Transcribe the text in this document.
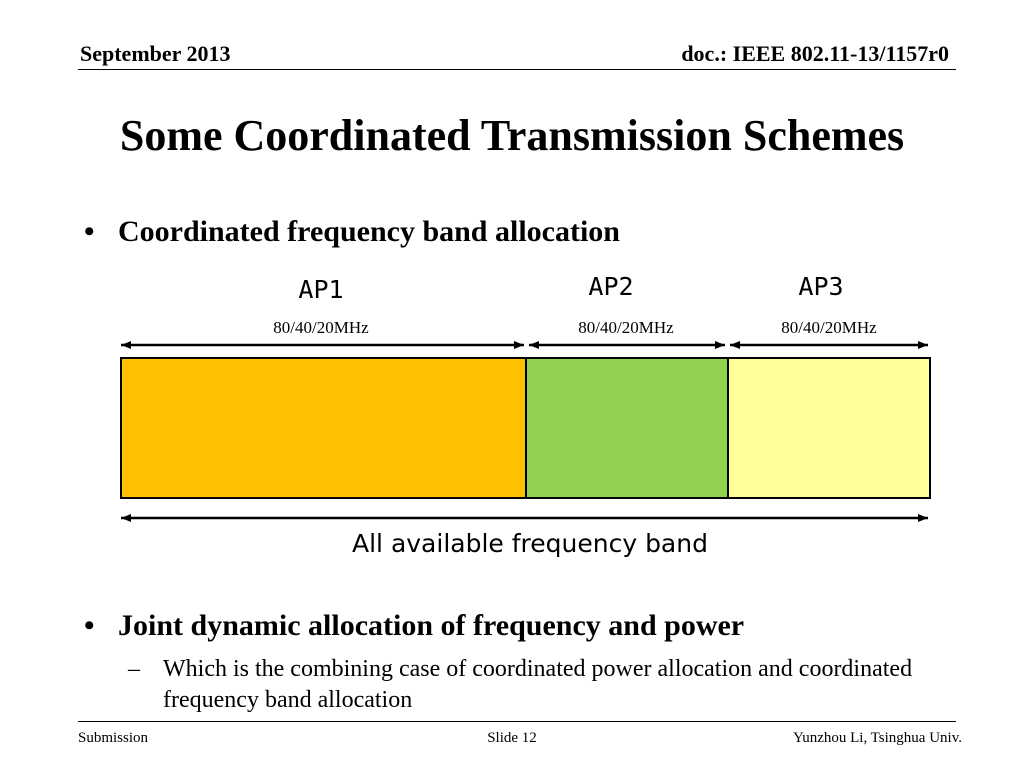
September 2013	doc.: IEEE 802.11-13/1157r0
Some Coordinated Transmission Schemes
• Coordinated frequency band allocation
AP1	AP2	AP3
80/40/20MHz	80/40/20MHz	80/40/20MHz
All available frequency band
• Joint dynamic allocation of frequency and power
– Which is the combining case of coordinated power allocation and coordinated frequency band allocation
Submission	Slide 12	Yunzhou Li, Tsinghua Univ.
